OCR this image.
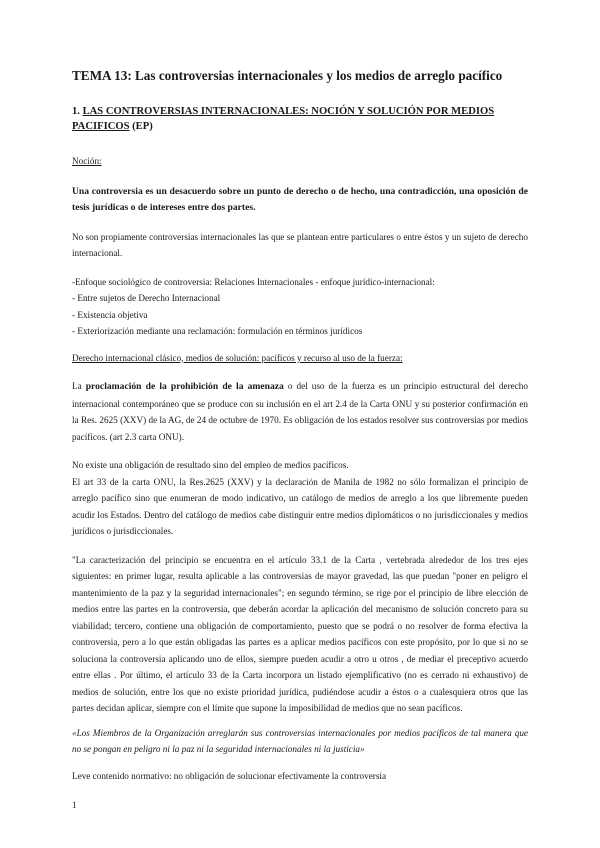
TEMA 13: Las controversias internacionales y los medios de arreglo pacífico
1. LAS CONTROVERSIAS INTERNACIONALES: NOCIÓN Y SOLUCIÓN POR MEDIOS PACIFICOS (EP)

Noción:

Una controversia es un desacuerdo sobre un punto de derecho o de hecho, una contradicción, una oposición de tesis jurídicas o de intereses entre dos partes.

No son propiamente controversias internacionales las que se plantean entre particulares o entre éstos y un sujeto de derecho internacional.

-Enfoque sociológico de controversia: Relaciones Internacionales - enfoque jurídico-internacional:

- Entre sujetos de Derecho Internacional

- Existencia objetiva

- Exteriorización mediante una reclamación: formulación en términos jurídicos

Derecho internacional clásico, medios de solución: pacíficos y recurso al uso de la fuerza:

La proclamación de la prohibición de la amenaza o del uso de la fuerza es un principio estructural del derecho internacional contemporáneo que se produce con su inclusión en el art 2.4 de la Carta ONU y su posterior confirmación en la Res. 2625 (XXV) de la AG, de 24 de octubre de 1970. Es obligación de los estados resolver sus controversias por medios pacíficos. (art 2.3 carta ONU).

No existe una obligación de resultado sino del empleo de medios pacíficos.

El art 33 de la carta ONU, la Res.2625 (XXV) y la declaración de Manila de 1982 no sólo formalizan el principio de arreglo pacífico sino que enumeran de modo indicativo, un catálogo de medios de arreglo a los que libremente pueden acudir los Estados. Dentro del catálogo de medios cabe distinguir entre medios diplomáticos o no jurisdiccionales y medios jurídicos o jurisdiccionales.

"La caracterización del principio se encuentra en el artículo 33.1 de la Carta , vertebrada alrededor de los tres ejes siguientes: en primer lugar, resulta aplicable a las controversias de mayor gravedad, las que puedan "poner en peligro el mantenimiento de la paz y la seguridad internacionales"; en segundo término, se rige por el principio de libre elección de medios entre las partes en la controversia, que deberán acordar la aplicación del mecanismo de solución concreto para su viabilidad; tercero, contiene una obligación de comportamiento, puesto que se podrá o no resolver de forma efectiva la controversia, pero a lo que están obligadas las partes es a aplicar medios pacíficos con este propósito, por lo que si no se soluciona la controversia aplicando uno de ellos, siempre pueden acudir a otro u otros , de mediar el preceptivo acuerdo entre ellas . Por último, el artículo 33 de la Carta incorpora un listado ejemplificativo (no es cerrado ni exhaustivo) de medios de solución, entre los que no existe prioridad jurídica, pudiéndose acudir a éstos o a cualesquiera otros que las partes decidan aplicar, siempre con el límite que supone la imposibilidad de medios que no sean pacíficos.

«Los Miembros de la Organización arreglarán sus controversias internacionales por medios pacíficos de tal manera que no se pongan en peligro ni la paz ni la seguridad internacionales ni la justicia»

Leve contenido normativo: no obligación de solucionar efectivamente la controversia

1
